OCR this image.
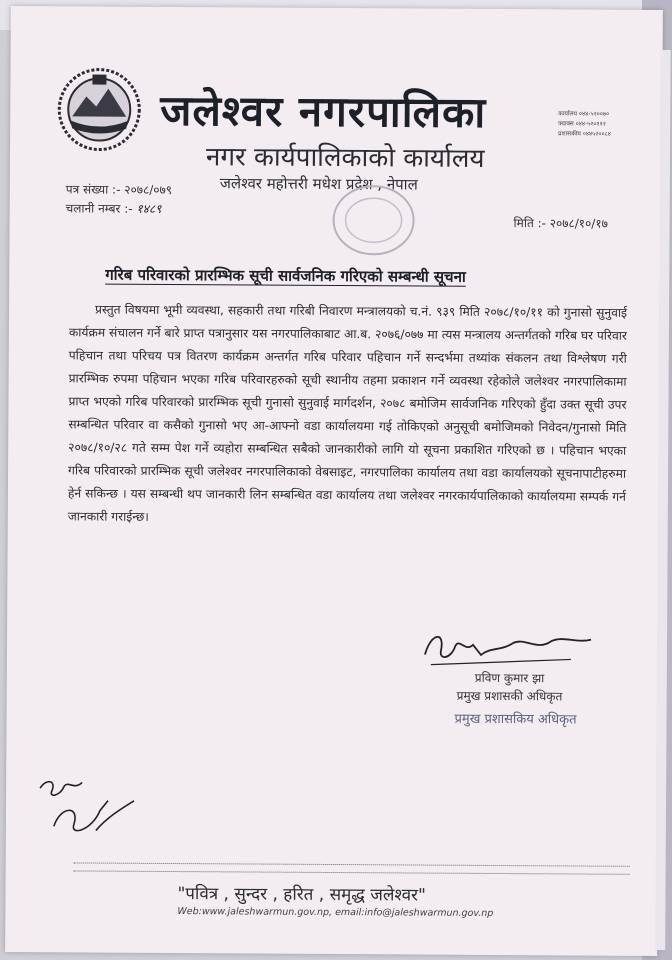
जलेश्वर नगरपालिका
नगर कार्यपालिकाको कार्यालय
जलेश्वर महोत्तरी मधेश प्रदेश , नेपाल
कार्यालय ०४४-५२००७०
फ्याक्स ०४४-५२०११२
प्रशासकीय ०४४५२००८४
पत्र संख्या :- २०७८/०७९
चलानी नम्बर :- १४८९
मिति :- २०७८/१०/१७
गरिब परिवारको प्रारम्भिक सूची सार्वजनिक गरिएको सम्बन्धी सूचना
प्रस्तुत विषयमा भूमी व्यवस्था, सहकारी तथा गरिबी निवारण मन्त्रालयको च.नं. ९३९ मिति २०७८/१०/११ को गुनासो सुनुवाई कार्यक्रम संचालन गर्ने बारे प्राप्त पत्रानुसार यस नगरपालिकाबाट आ.ब. २०७६/०७७ मा त्यस मन्त्रालय अन्तर्गतको गरिब घर परिवार पहिचान तथा परिचय पत्र वितरण कार्यक्रम अन्तर्गत गरिब परिवार पहिचान गर्ने सन्दर्भमा तथ्यांक संकलन तथा विश्लेषण गरी प्रारम्भिक रुपमा पहिचान भएका गरिब परिवारहरुको सूची स्थानीय तहमा प्रकाशन गर्ने व्यवस्था रहेकोले जलेश्वर नगरपालिकामा प्राप्त भएको गरिब परिवारको प्रारम्भिक सूची गुनासो सुनुवाई मार्गदर्शन, २०७८ बमोजिम सार्वजनिक गरिएको हुँदा उक्त सूची उपर सम्बन्धित परिवार वा कसैको गुनासो भए आ-आफ्नो वडा कार्यालयमा गई तोकिएको अनुसूची बमोजिमको निवेदन/गुनासो मिति २०७८/१०/२८ गते सम्म पेश गर्ने व्यहोरा सम्बन्धित सबैको जानकारीको लागि यो सूचना प्रकाशित गरिएको छ । पहिचान भएका गरिब परिवारको प्रारम्भिक सूची जलेश्वर नगरपालिकाको वेबसाइट, नगरपालिका कार्यालय तथा वडा कार्यालयको सूचनापाटीहरुमा हेर्न सकिन्छ । यस सम्बन्धी थप जानकारी लिन सम्बन्धित वडा कार्यालय तथा जलेश्वर नगरकार्यपालिकाको कार्यालयमा सम्पर्क गर्न जानकारी गराईन्छ।
प्रविण कुमार झा
प्रमुख प्रशासकी अधिकृत
प्रमुख प्रशासकिय अधिकृत
"पवित्र , सुन्दर , हरित , समृद्ध जलेश्वर"
Web:www.jaleshwarmun.gov.np, email:info@jaleshwarmun.gov.np
